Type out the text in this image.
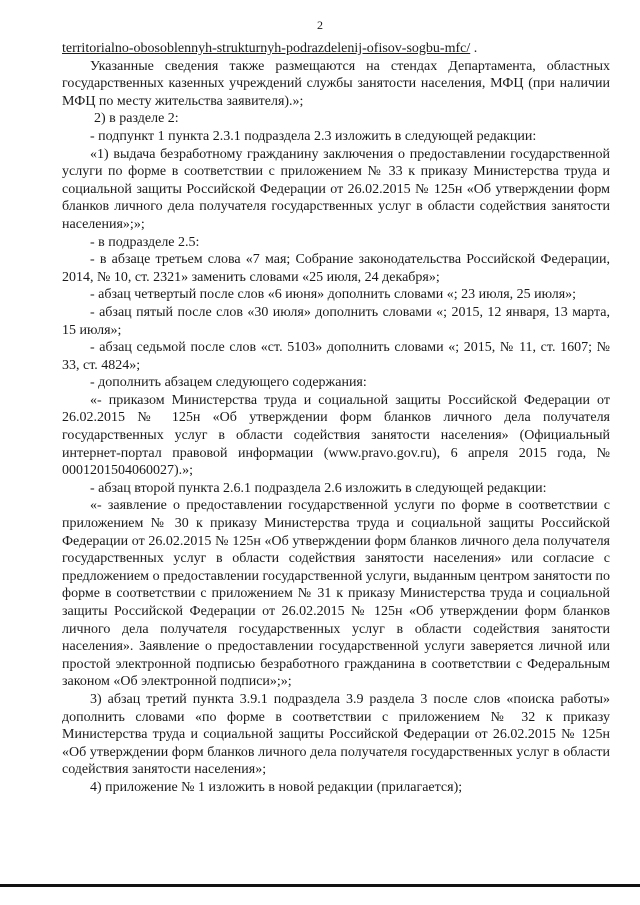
2

territorialno-obosoblennyh-strukturnyh-podrazdelenij-ofisov-sogbu-mfc/ .

Указанные сведения также размещаются на стендах Департамента, областных государственных казенных учреждений службы занятости населения, МФЦ (при наличии МФЦ по месту жительства заявителя).»;

2) в разделе 2:

- подпункт 1 пункта 2.3.1 подраздела 2.3 изложить в следующей редакции:

«1) выдача безработному гражданину заключения о предоставлении государственной услуги по форме в соответствии с приложением № 33 к приказу Министерства труда и социальной защиты Российской Федерации от 26.02.2015 № 125н «Об утверждении форм бланков личного дела получателя государственных услуг в области содействия занятости населения»;»;

- в подразделе 2.5:

- в абзаце третьем слова «7 мая; Собрание законодательства Российской Федерации, 2014, № 10, ст. 2321» заменить словами «25 июля, 24 декабря»;

- абзац четвертый после слов «6 июня» дополнить словами «; 23 июля, 25 июля»;

- абзац пятый после слов «30 июля» дополнить словами «; 2015, 12 января, 13 марта, 15 июля»;

- абзац седьмой после слов «ст. 5103» дополнить словами «; 2015, № 11, ст. 1607; № 33, ст. 4824»;

- дополнить абзацем следующего содержания:

«- приказом Министерства труда и социальной защиты Российской Федерации от 26.02.2015 № 125н «Об утверждении форм бланков личного дела получателя государственных услуг в области содействия занятости населения» (Официальный интернет-портал правовой информации (www.pravo.gov.ru), 6 апреля 2015 года, № 0001201504060027).»;

- абзац второй пункта 2.6.1 подраздела 2.6 изложить в следующей редакции:

«- заявление о предоставлении государственной услуги по форме в соответствии с приложением № 30 к приказу Министерства труда и социальной защиты Российской Федерации от 26.02.2015 № 125н «Об утверждении форм бланков личного дела получателя государственных услуг в области содействия занятости населения» или согласие с предложением о предоставлении государственной услуги, выданным центром занятости по форме в соответствии с приложением № 31 к приказу Министерства труда и социальной защиты Российской Федерации от 26.02.2015 № 125н «Об утверждении форм бланков личного дела получателя государственных услуг в области содействия занятости населения». Заявление о предоставлении государственной услуги заверяется личной или простой электронной подписью безработного гражданина в соответствии с Федеральным законом «Об электронной подписи»;»;

3) абзац третий пункта 3.9.1 подраздела 3.9 раздела 3 после слов «поиска работы» дополнить словами «по форме в соответствии с приложением № 32 к приказу Министерства труда и социальной защиты Российской Федерации от 26.02.2015 № 125н «Об утверждении форм бланков личного дела получателя государственных услуг в области содействия занятости населения»;

4) приложение № 1 изложить в новой редакции (прилагается);
